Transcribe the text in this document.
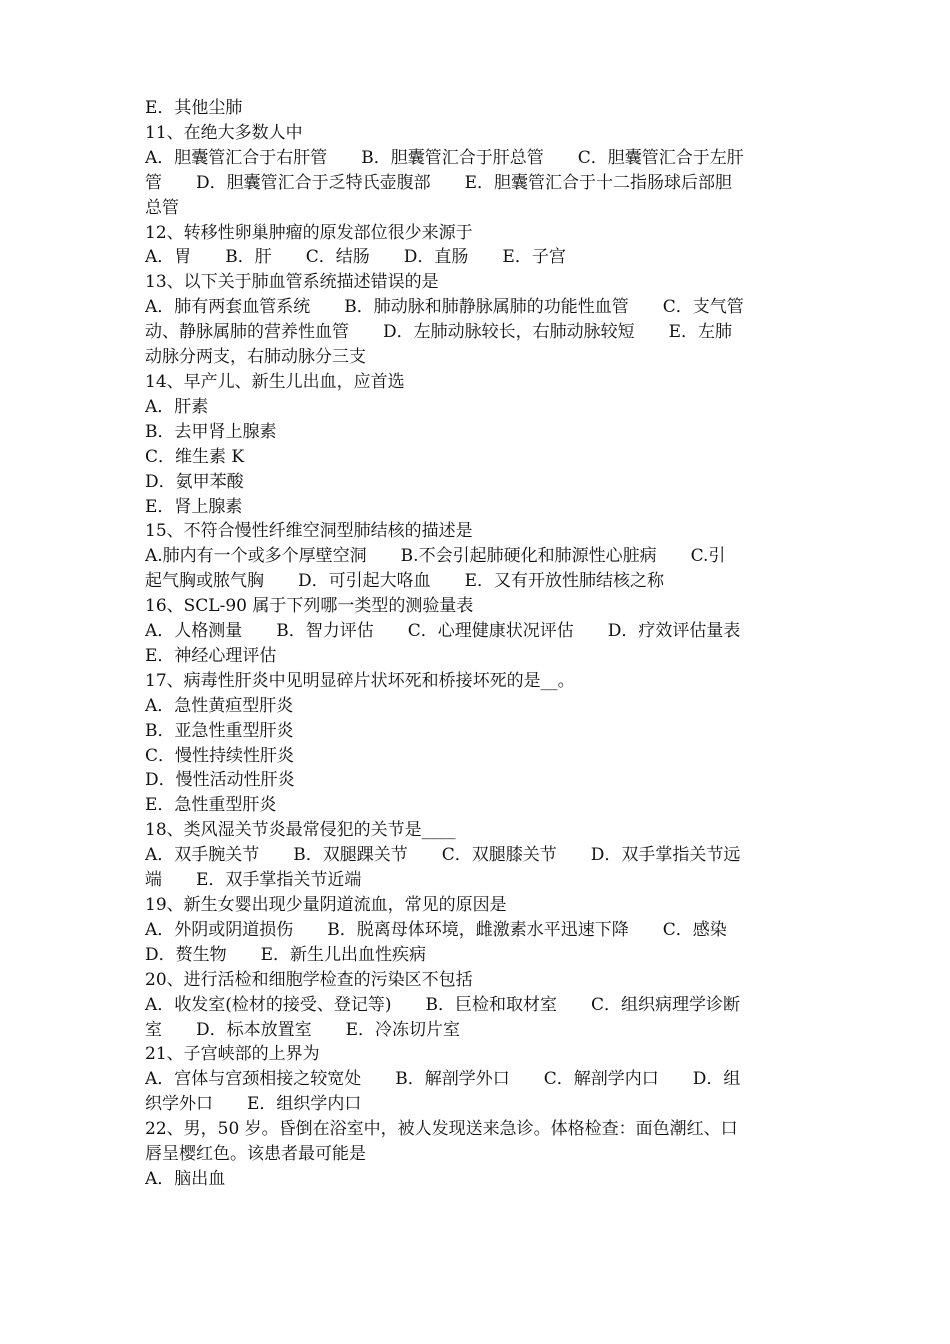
E．其他尘肺
11、在绝大多数人中
A．胆囊管汇合于右肝管　　B．胆囊管汇合于肝总管　　C．胆囊管汇合于左肝
管　　D．胆囊管汇合于乏特氏壶腹部　　E．胆囊管汇合于十二指肠球后部胆
总管
12、转移性卵巢肿瘤的原发部位很少来源于
A．胃　　B．肝　　C．结肠　　D．直肠　　E．子宫
13、以下关于肺血管系统描述错误的是
A．肺有两套血管系统　　B．肺动脉和肺静脉属肺的功能性血管　　C．支气管
动、静脉属肺的营养性血管　　D．左肺动脉较长，右肺动脉较短　　E．左肺
动脉分两支，右肺动脉分三支
14、早产儿、新生儿出血，应首选
A．肝素
B．去甲肾上腺素
C．维生素 K
D．氨甲苯酸
E．肾上腺素
15、不符合慢性纤维空洞型肺结核的描述是
A.肺内有一个或多个厚壁空洞　　B.不会引起肺硬化和肺源性心脏病　　C.引
起气胸或脓气胸　　D．可引起大咯血　　E．又有开放性肺结核之称
16、SCL-90 属于下列哪一类型的测验量表
A．人格测量　　B．智力评估　　C．心理健康状况评估　　D．疗效评估量表
E．神经心理评估
17、病毒性肝炎中见明显碎片状坏死和桥接坏死的是__。
A．急性黄疸型肝炎
B．亚急性重型肝炎
C．慢性持续性肝炎
D．慢性活动性肝炎
E．急性重型肝炎
18、类风湿关节炎最常侵犯的关节是____
A．双手腕关节　　B．双腿踝关节　　C．双腿膝关节　　D．双手掌指关节远
端　　E．双手掌指关节近端
19、新生女婴出现少量阴道流血，常见的原因是
A．外阴或阴道损伤　　B．脱离母体环境，雌激素水平迅速下降　　C．感染
D．赘生物　　E．新生儿出血性疾病
20、进行活检和细胞学检查的污染区不包括
A．收发室(检材的接受、登记等)　　B．巨检和取材室　　C．组织病理学诊断
室　　D．标本放置室　　E．冷冻切片室
21、子宫峡部的上界为
A．宫体与宫颈相接之较宽处　　B．解剖学外口　　C．解剖学内口　　D．组
织学外口　　E．组织学内口
22、男，50 岁。昏倒在浴室中，被人发现送来急诊。体格检查：面色潮红、口
唇呈樱红色。该患者最可能是
A．脑出血
